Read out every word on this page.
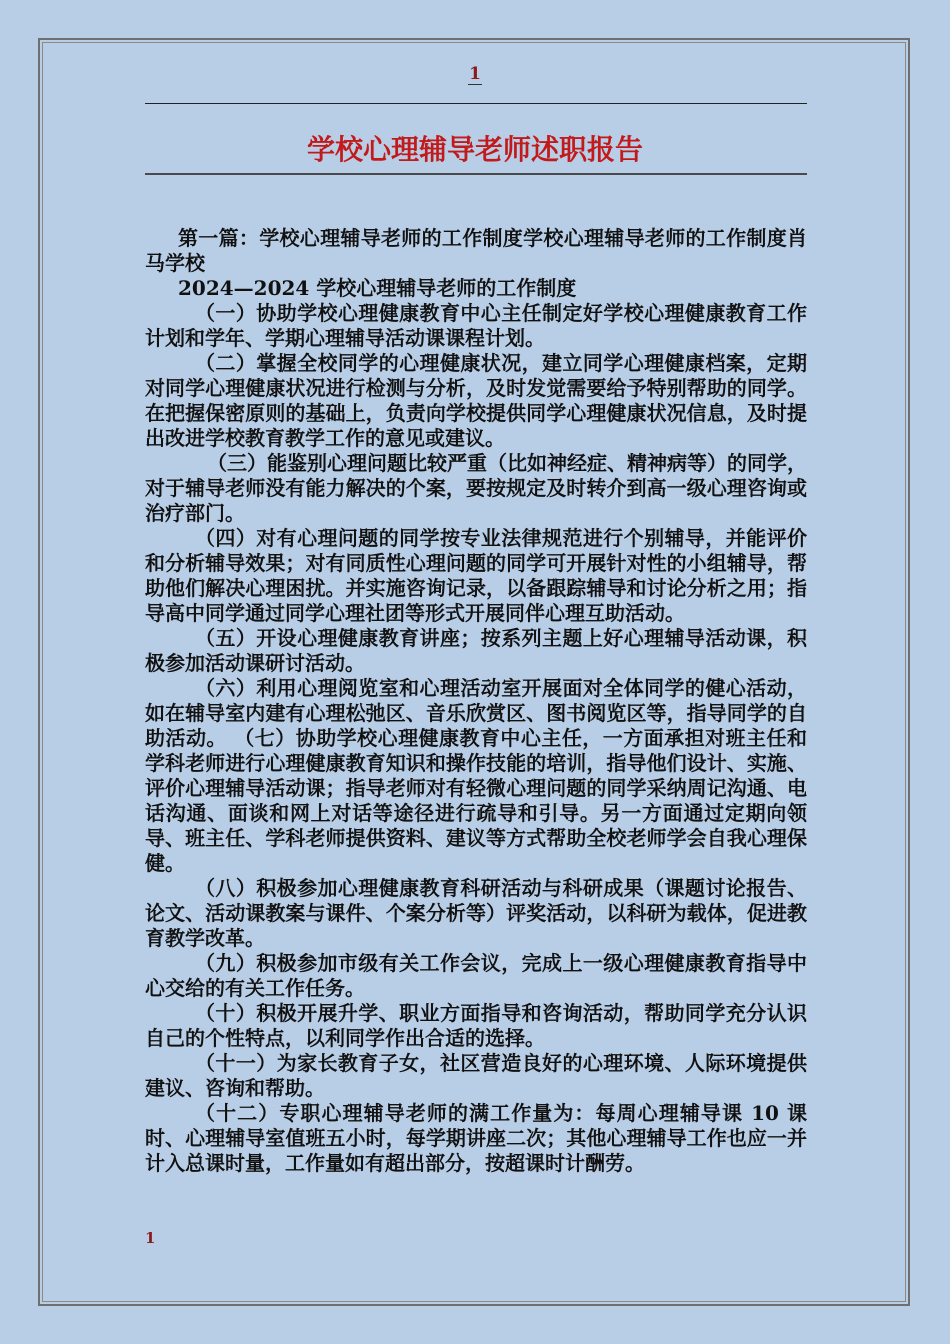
1
学校心理辅导老师述职报告

第一篇：学校心理辅导老师的工作制度学校心理辅导老师的工作制度肖马学校

2024—2024 学校心理辅导老师的工作制度

（一）协助学校心理健康教育中心主任制定好学校心理健康教育工作计划和学年、学期心理辅导活动课课程计划。

（二）掌握全校同学的心理健康状况，建立同学心理健康档案，定期对同学心理健康状况进行检测与分析，及时发觉需要给予特别帮助的同学。在把握保密原则的基础上，负责向学校提供同学心理健康状况信息，及时提出改进学校教育教学工作的意见或建议。

（三）能鉴别心理问题比较严重（比如神经症、精神病等）的同学，对于辅导老师没有能力解决的个案，要按规定及时转介到高一级心理咨询或治疗部门。

（四）对有心理问题的同学按专业法律规范进行个别辅导，并能评价和分析辅导效果；对有同质性心理问题的同学可开展针对性的小组辅导，帮助他们解决心理困扰。并实施咨询记录，以备跟踪辅导和讨论分析之用；指导高中同学通过同学心理社团等形式开展同伴心理互助活动。

（五）开设心理健康教育讲座；按系列主题上好心理辅导活动课，积极参加活动课研讨活动。

（六）利用心理阅览室和心理活动室开展面对全体同学的健心活动，如在辅导室内建有心理松弛区、音乐欣赏区、图书阅览区等，指导同学的自助活动。 （七）协助学校心理健康教育中心主任，一方面承担对班主任和学科老师进行心理健康教育知识和操作技能的培训，指导他们设计、实施、评价心理辅导活动课；指导老师对有轻微心理问题的同学采纳周记沟通、电话沟通、面谈和网上对话等途径进行疏导和引导。另一方面通过定期向领导、班主任、学科老师提供资料、建议等方式帮助全校老师学会自我心理保健。

（八）积极参加心理健康教育科研活动与科研成果（课题讨论报告、论文、活动课教案与课件、个案分析等）评奖活动，以科研为载体，促进教育教学改革。

（九）积极参加市级有关工作会议，完成上一级心理健康教育指导中心交给的有关工作任务。

（十）积极开展升学、职业方面指导和咨询活动，帮助同学充分认识自己的个性特点，以利同学作出合适的选择。

（十一）为家长教育子女，社区营造良好的心理环境、人际环境提供建议、咨询和帮助。

（十二）专职心理辅导老师的满工作量为：每周心理辅导课 10 课时、心理辅导室值班五小时，每学期讲座二次；其他心理辅导工作也应一并计入总课时量，工作量如有超出部分，按超课时计酬劳。

1
